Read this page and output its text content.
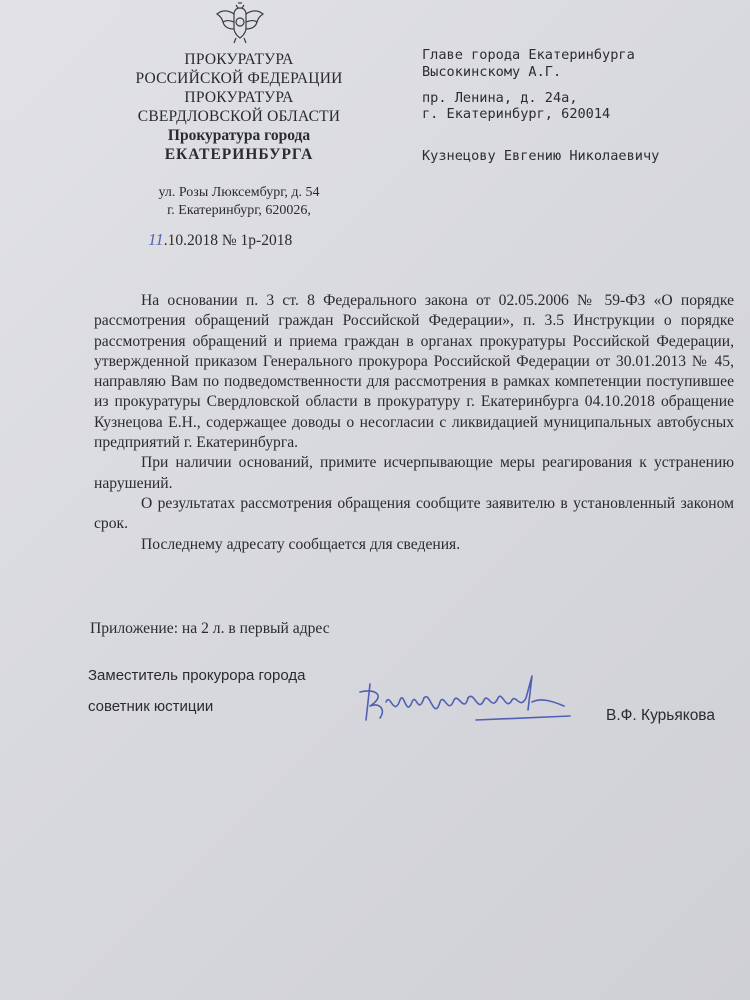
ПРОКУРАТУРА
РОССИЙСКОЙ ФЕДЕРАЦИИ
ПРОКУРАТУРА
СВЕРДЛОВСКОЙ ОБЛАСТИ
Прокуратура города
ЕКАТЕРИНБУРГА
ул. Розы Люксембург, д. 54
г. Екатеринбург, 620026,
Главе города Екатеринбурга
Высокинскому А.Г.
пр. Ленина, д. 24а,
г. Екатеринбург, 620014
Кузнецову Евгению Николаевичу
11.10.2018 № 1р-2018

На основании п. 3 ст. 8 Федерального закона от 02.05.2006 № 59-ФЗ «О порядке рассмотрения обращений граждан Российской Федерации», п. 3.5 Инструкции о порядке рассмотрения обращений и приема граждан в органах прокуратуры Российской Федерации, утвержденной приказом Генерального прокурора Российской Федерации от 30.01.2013 № 45, направляю Вам по подведомственности для рассмотрения в рамках компетенции поступившее из прокуратуры Свердловской области в прокуратуру г. Екатеринбурга 04.10.2018 обращение Кузнецова Е.Н., содержащее доводы о несогласии с ликвидацией муниципальных автобусных предприятий г. Екатеринбурга.

При наличии оснований, примите исчерпывающие меры реагирования к устранению нарушений.

О результатах рассмотрения обращения сообщите заявителю в установленный законом срок.

Последнему адресату сообщается для сведения.

Приложение: на 2 л. в первый адрес
Заместитель прокурора города
советник юстиции
В.Ф. Курьякова
